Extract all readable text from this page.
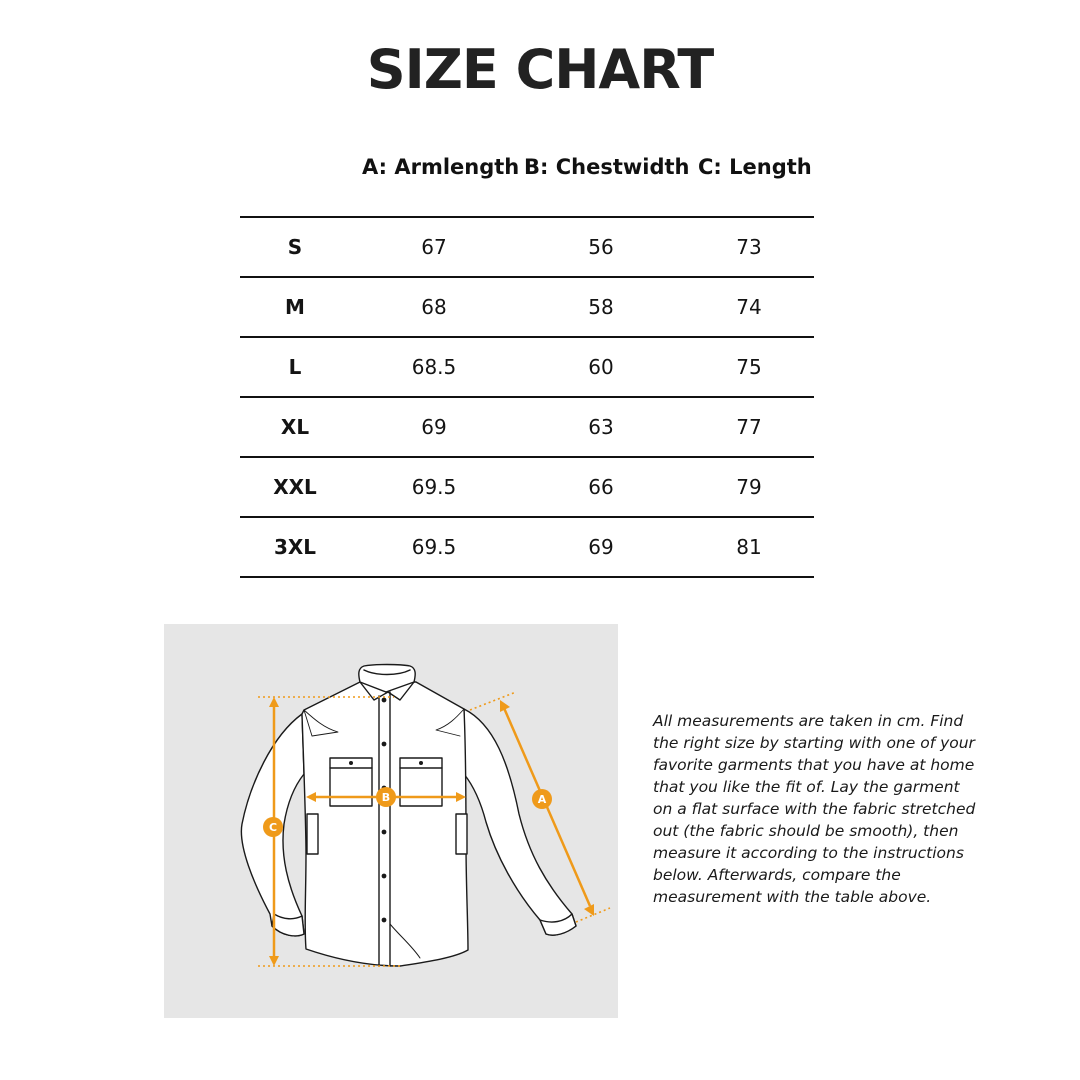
SIZE CHART
A: Armlength B: Chestwidth C: Length
S	67	56	73
M	68	58	74
L	68.5	60	75
XL	69	63	77
XXL	69.5	66	79
3XL	69.5	69	81
C
B	A
All measurements are taken in cm. Find the right size by starting with one of your favorite garments that you have at home that you like the fit of. Lay the garment on a flat surface with the fabric stretched out (the fabric should be smooth), then measure it according to the instructions below. Afterwards, compare the measurement with the table above.
